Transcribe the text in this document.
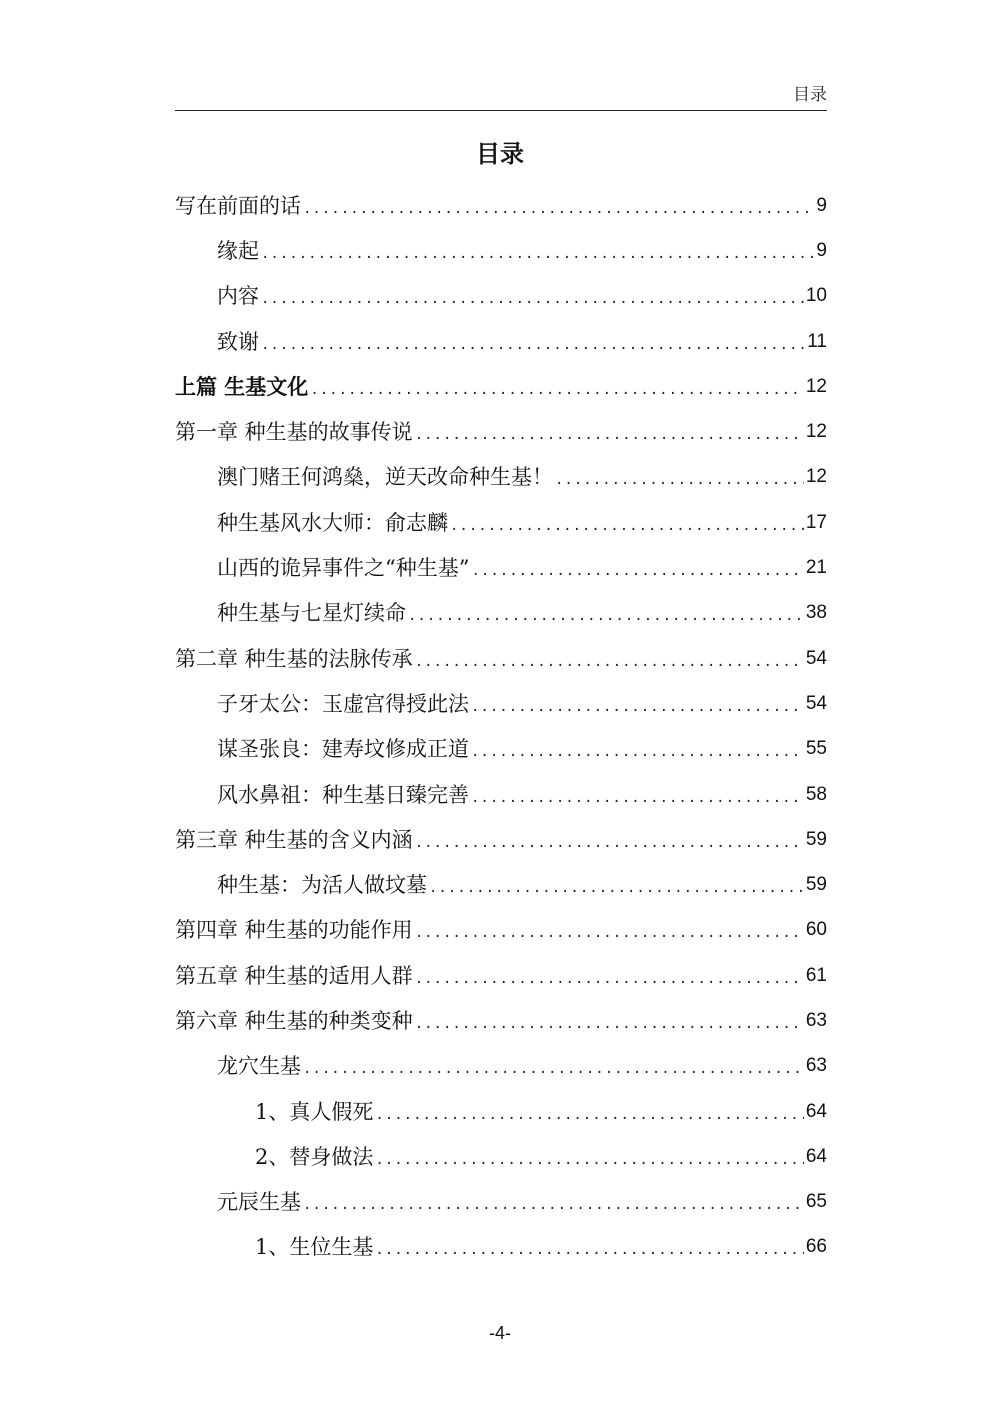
目录
目录
写在前面的话 .....	9
缘起 .....	9
内容 .....	10
致谢 .....	11
上篇 生基文化 .....	12
第一章 种生基的故事传说 .....	12
澳门赌王何鸿燊，逆天改命种生基！ .....	12
种生基风水大师：俞志麟 .....	17
山西的诡异事件之“种生基” .....	21
种生基与七星灯续命 .....	38
第二章 种生基的法脉传承 .....	54
子牙太公：玉虚宫得授此法 .....	54
谋圣张良：建寿坟修成正道 .....	55
风水鼻祖：种生基日臻完善 .....	58
第三章 种生基的含义内涵 .....	59
种生基：为活人做坟墓 .....	59
第四章 种生基的功能作用 .....	60
第五章 种生基的适用人群 .....	61
第六章 种生基的种类变种 .....	63
龙穴生基 .....	63
1、真人假死 .....	64
2、替身做法 .....	64
元辰生基 .....	65
1、生位生基 .....	66
-4-
